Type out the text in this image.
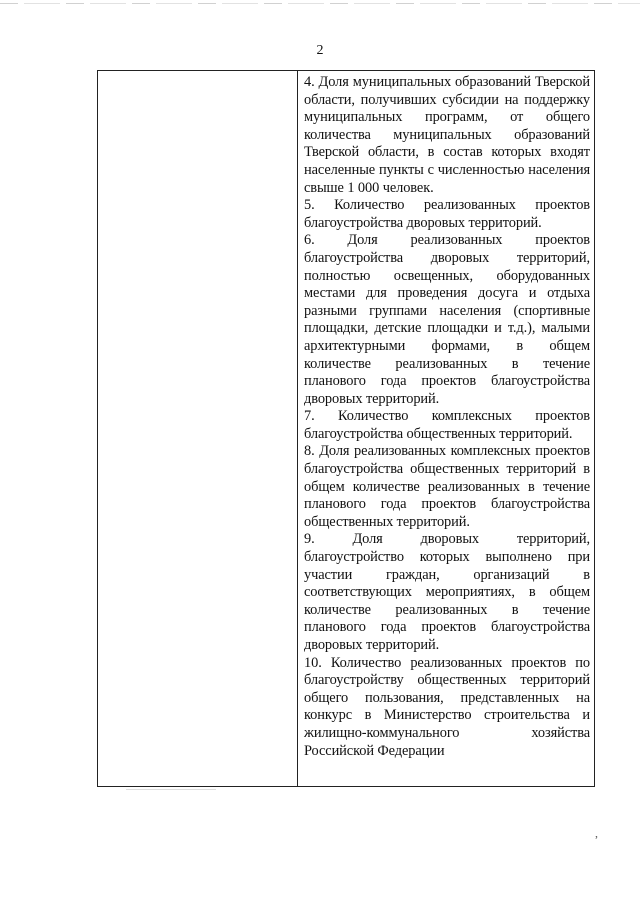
2

4. Доля муниципальных образований Тверской области, получивших субсидии на поддержку муниципальных программ, от общего количества муниципальных образований Тверской области, в состав которых входят населенные пункты с численностью населения свыше 1 000 человек.

5. Количество реализованных проектов благоустройства дворовых территорий.

6. Доля реализованных проектов благоустройства дворовых территорий, полностью освещенных, оборудованных местами для проведения досуга и отдыха разными группами населения (спортивные площадки, детские площадки и т.д.), малыми архитектурными формами, в общем количестве реализованных в течение планового года проектов благоустройства дворовых территорий.

7. Количество комплексных проектов благоустройства общественных территорий.

8. Доля реализованных комплексных проектов благоустройства общественных территорий в общем количестве реализованных в течение планового года проектов благоустройства общественных территорий.

9. Доля дворовых территорий, благоустройство которых выполнено при участии граждан, организаций в соответствующих мероприятиях, в общем количестве реализованных в течение планового года проектов благоустройства дворовых территорий.

10. Количество реализованных проектов по благоустройству общественных территорий общего пользования, представленных на конкурс в Министерство строительства и жилищно-коммунального хозяйства Российской Федерации

,
